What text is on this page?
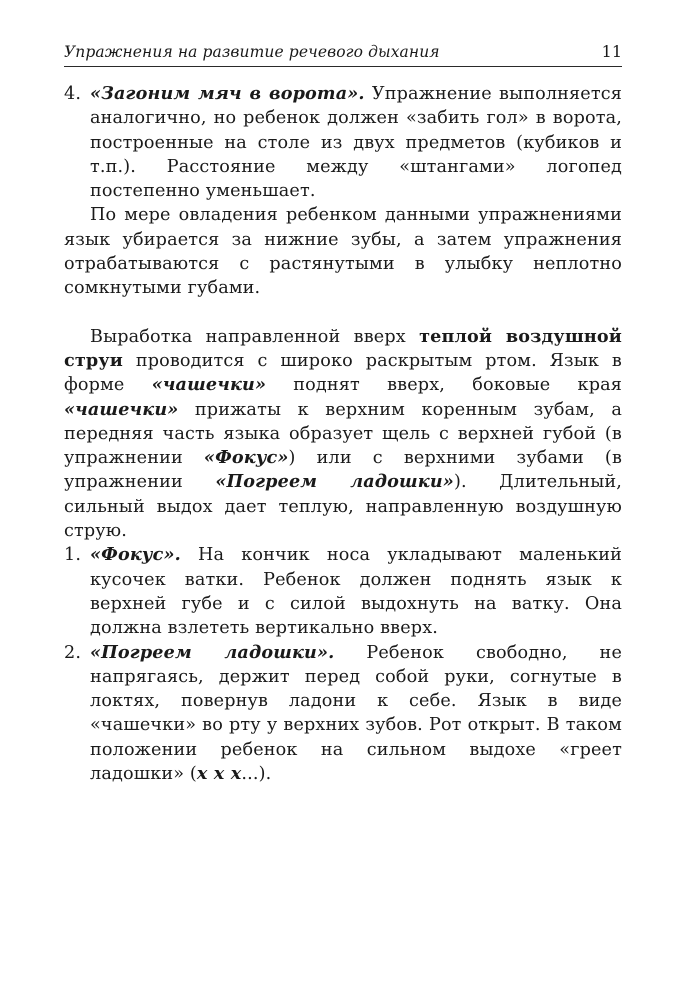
Упражнения на развитие речевого дыхания	11
4. «Загоним мяч в ворота». Упражнение выполняется аналогично, но ребенок должен «забить гол» в ворота, построенные на столе из двух предметов (кубиков и т.п.). Расстояние между «штангами» логопед постепенно уменьшает.

По мере овладения ребенком данными упражнениями язык убирается за нижние зубы, а затем упражнения отрабатываются с растянутыми в улыбку неплотно сомкнутыми губами.

Выработка направленной вверх теплой воздушной струи проводится с широко раскрытым ртом. Язык в форме «чашечки» поднят вверх, боковые края «чашечки» прижаты к верхним коренным зубам, а передняя часть языка образует щель с верхней губой (в упражнении «Фокус») или с верхними зубами (в упражнении «Погреем ладошки»). Длительный, сильный выдох дает теплую, направленную воздушную струю.

1. «Фокус». На кончик носа укладывают маленький кусочек ватки. Ребенок должен поднять язык к верхней губе и с силой выдохнуть на ватку. Она должна взлететь вертикально вверх.

2. «Погреем ладошки». Ребенок свободно, не напрягаясь, держит перед собой руки, согнутые в локтях, повернув ладони к себе. Язык в виде «чашечки» во рту у верхних зубов. Рот открыт. В таком положении ребенок на сильном выдохе «греет ладошки» (х х х...).
